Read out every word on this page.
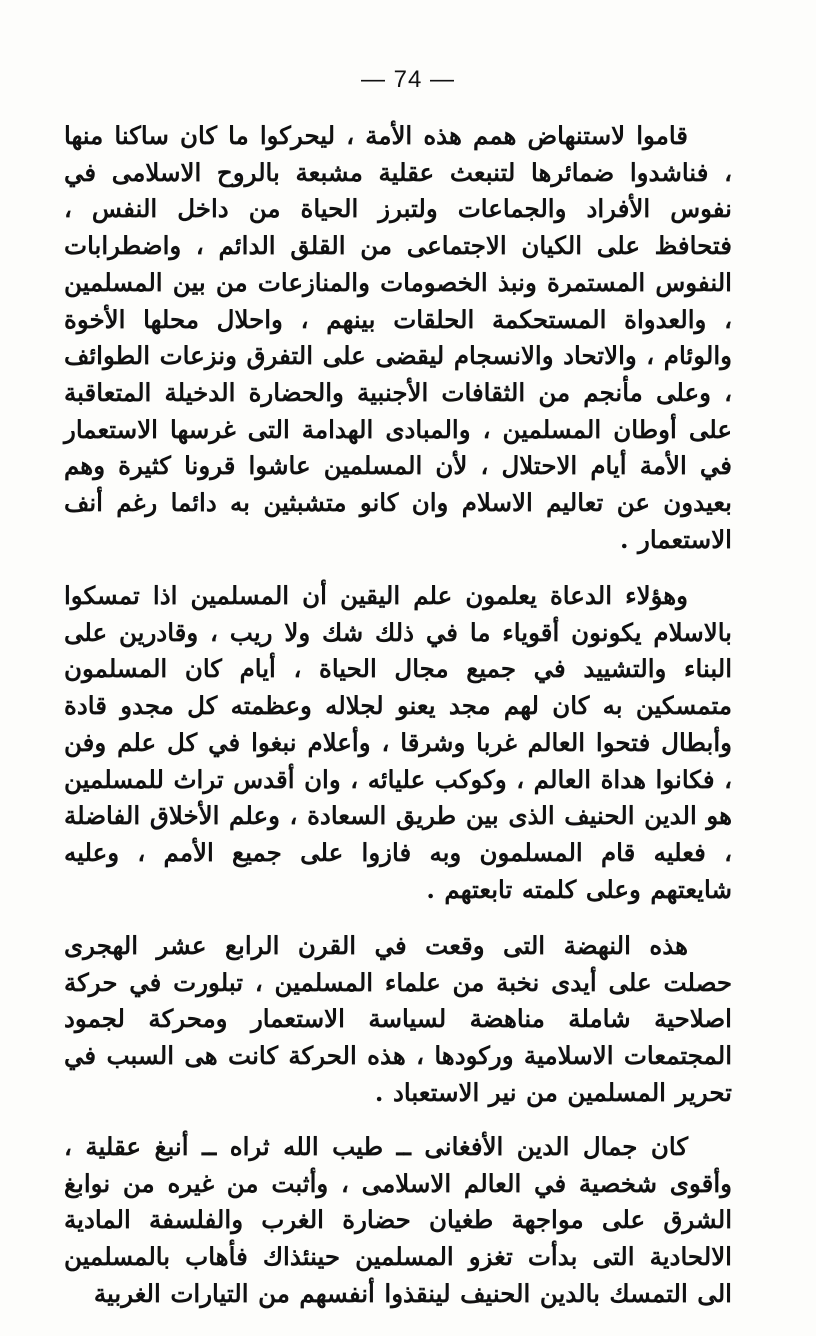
— 74 —

قاموا لاستنهاض همم هذه الأمة ، ليحركوا ما كان ساكنا منها ، فناشدوا ضمائرها لتنبعث عقلية مشبعة بالروح الاسلامى في نفوس الأفراد والجماعات ولتبرز الحياة من داخل النفس ، فتحافظ على الكيان الاجتماعى من القلق الدائم ، واضطرابات النفوس المستمرة ونبذ الخصومات والمنازعات من بين المسلمين ، والعدواة المستحكمة الحلقات بينهم ، واحلال محلها الأخوة والوئام ، والاتحاد والانسجام ليقضى على التفرق ونزعات الطوائف ، وعلى مأنجم من الثقافات الأجنبية والحضارة الدخيلة المتعاقبة على أوطان المسلمين ، والمبادى الهدامة التى غرسها الاستعمار في الأمة أيام الاحتلال ، لأن المسلمين عاشوا قرونا كثيرة وهم بعيدون عن تعاليم الاسلام وان كانو متشبثين به دائما رغم أنف الاستعمار .

وهؤلاء الدعاة يعلمون علم اليقين أن المسلمين اذا تمسكوا بالاسلام يكونون أقوياء ما في ذلك شك ولا ريب ، وقادرين على البناء والتشييد في جميع مجال الحياة ، أيام كان المسلمون متمسكين به كان لهم مجد يعنو لجلاله وعظمته كل مجدو قادة وأبطال فتحوا العالم غربا وشرقا ، وأعلام نبغوا في كل علم وفن ، فكانوا هداة العالم ، وكوكب عليائه ، وان أقدس تراث للمسلمين هو الدين الحنيف الذى بين طريق السعادة ، وعلم الأخلاق الفاضلة ، فعليه قام المسلمون وبه فازوا على جميع الأمم ، وعليه شايعتهم وعلى كلمته تابعتهم .

هذه النهضة التى وقعت في القرن الرابع عشر الهجرى حصلت على أيدى نخبة من علماء المسلمين ، تبلورت في حركة اصلاحية شاملة مناهضة لسياسة الاستعمار ومحركة لجمود المجتمعات الاسلامية وركودها ، هذه الحركة كانت هى السبب في تحرير المسلمين من نير الاستعباد .

كان جمال الدين الأفغانى ــ طيب الله ثراه ــ أنبغ عقلية ، وأقوى شخصية في العالم الاسلامى ، وأثبت من غيره من نوابغ الشرق على مواجهة طغيان حضارة الغرب والفلسفة المادية الالحادية التى بدأت تغزو المسلمين حينئذاك فأهاب بالمسلمين الى التمسك بالدين الحنيف لينقذوا أنفسهم من التيارات الغربية
